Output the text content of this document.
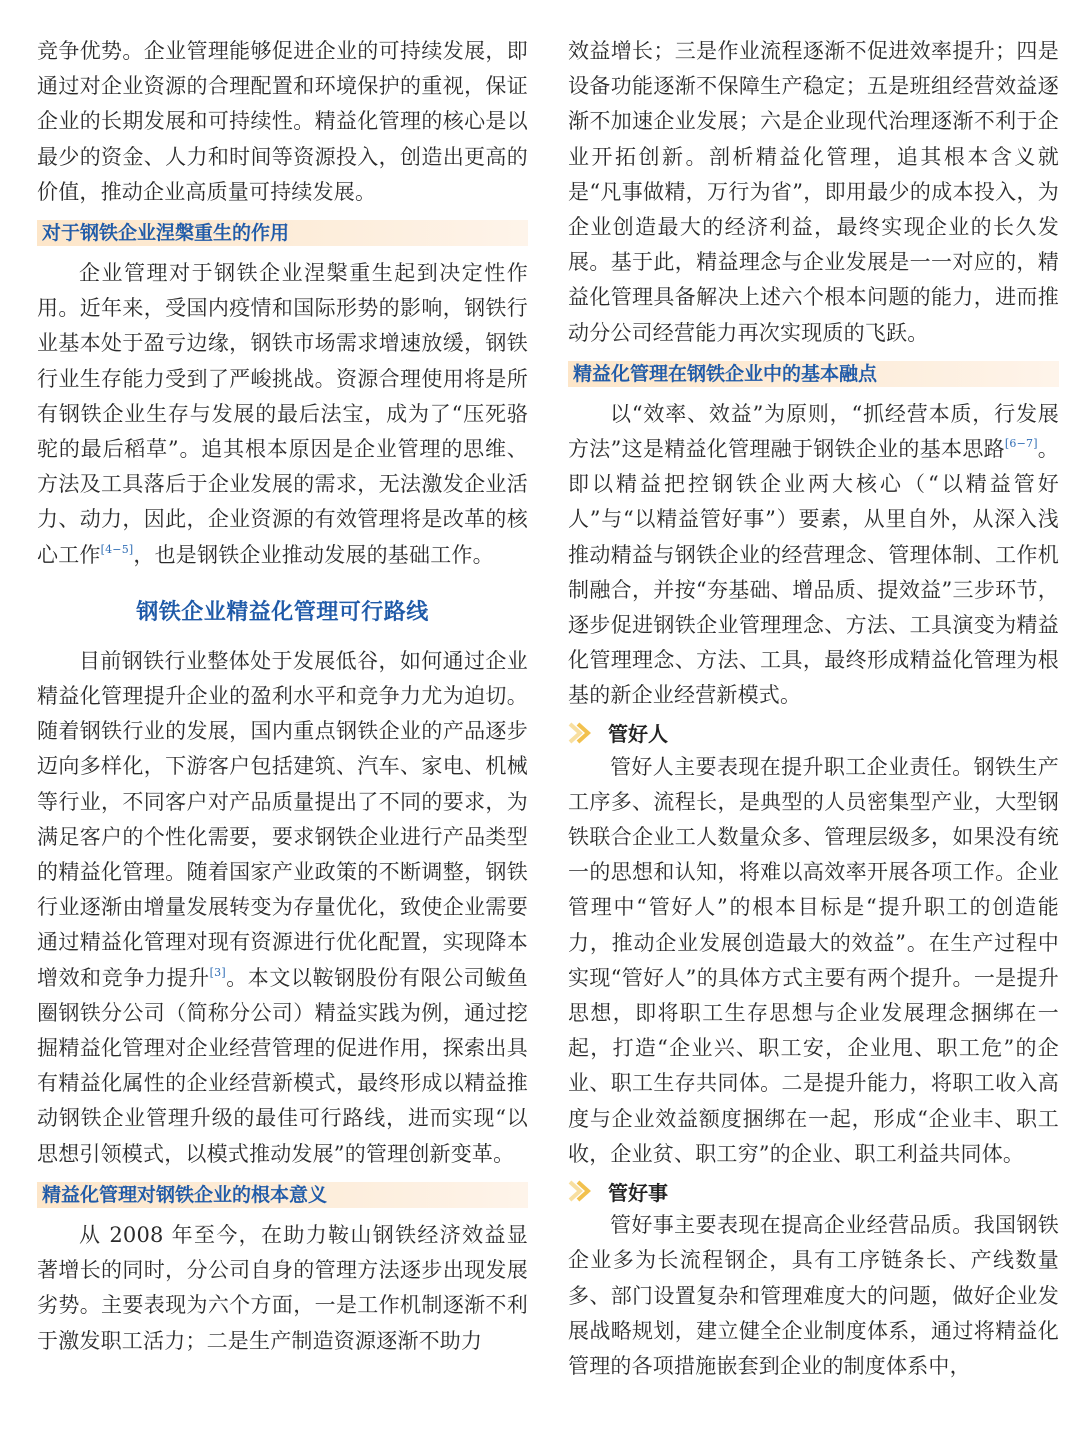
竞争优势。企业管理能够促进企业的可持续发展，即通过对企业资源的合理配置和环境保护的重视，保证企业的长期发展和可持续性。精益化管理的核心是以最少的资金、人力和时间等资源投入，创造出更高的价值，推动企业高质量可持续发展。

对于钢铁企业涅槃重生的作用

企业管理对于钢铁企业涅槃重生起到决定性作用。近年来，受国内疫情和国际形势的影响，钢铁行业基本处于盈亏边缘，钢铁市场需求增速放缓，钢铁行业生存能力受到了严峻挑战。资源合理使用将是所有钢铁企业生存与发展的最后法宝，成为了“压死骆驼的最后稻草”。追其根本原因是企业管理的思维、方法及工具落后于企业发展的需求，无法激发企业活力、动力，因此，企业资源的有效管理将是改革的核心工作[4−5]，也是钢铁企业推动发展的基础工作。

钢铁企业精益化管理可行路线

目前钢铁行业整体处于发展低谷，如何通过企业精益化管理提升企业的盈利水平和竞争力尤为迫切。随着钢铁行业的发展，国内重点钢铁企业的产品逐步迈向多样化，下游客户包括建筑、汽车、家电、机械等行业，不同客户对产品质量提出了不同的要求，为满足客户的个性化需要，要求钢铁企业进行产品类型的精益化管理。随着国家产业政策的不断调整，钢铁行业逐渐由增量发展转变为存量优化，致使企业需要通过精益化管理对现有资源进行优化配置，实现降本增效和竞争力提升[3]。本文以鞍钢股份有限公司鲅鱼圈钢铁分公司（简称分公司）精益实践为例，通过挖掘精益化管理对企业经营管理的促进作用，探索出具有精益化属性的企业经营新模式，最终形成以精益推动钢铁企业管理升级的最佳可行路线，进而实现“以思想引领模式，以模式推动发展”的管理创新变革。

精益化管理对钢铁企业的根本意义

从 2008 年至今，在助力鞍山钢铁经济效益显著增长的同时，分公司自身的管理方法逐步出现发展劣势。主要表现为六个方面，一是工作机制逐渐不利于激发职工活力；二是生产制造资源逐渐不助力

效益增长；三是作业流程逐渐不促进效率提升；四是设备功能逐渐不保障生产稳定；五是班组经营效益逐渐不加速企业发展；六是企业现代治理逐渐不利于企业开拓创新。剖析精益化管理，追其根本含义就是“凡事做精，万行为省”，即用最少的成本投入，为企业创造最大的经济利益，最终实现企业的长久发展。基于此，精益理念与企业发展是一一对应的，精益化管理具备解决上述六个根本问题的能力，进而推动分公司经营能力再次实现质的飞跃。

精益化管理在钢铁企业中的基本融点

以“效率、效益”为原则，“抓经营本质，行发展方法”这是精益化管理融于钢铁企业的基本思路[6−7]。即以精益把控钢铁企业两大核心（“以精益管好人”与“以精益管好事”）要素，从里自外，从深入浅推动精益与钢铁企业的经营理念、管理体制、工作机制融合，并按“夯基础、增品质、提效益”三步环节，逐步促进钢铁企业管理理念、方法、工具演变为精益化管理理念、方法、工具，最终形成精益化管理为根基的新企业经营新模式。

管好人

管好人主要表现在提升职工企业责任。钢铁生产工序多、流程长，是典型的人员密集型产业，大型钢铁联合企业工人数量众多、管理层级多，如果没有统一的思想和认知，将难以高效率开展各项工作。企业管理中“管好人”的根本目标是“提升职工的创造能力，推动企业发展创造最大的效益”。在生产过程中实现“管好人”的具体方式主要有两个提升。一是提升思想，即将职工生存思想与企业发展理念捆绑在一起，打造“企业兴、职工安，企业甩、职工危”的企业、职工生存共同体。二是提升能力，将职工收入高度与企业效益额度捆绑在一起，形成“企业丰、职工收，企业贫、职工穷”的企业、职工利益共同体。

管好事

管好事主要表现在提高企业经营品质。我国钢铁企业多为长流程钢企，具有工序链条长、产线数量多、部门设置复杂和管理难度大的问题，做好企业发展战略规划，建立健全企业制度体系，通过将精益化管理的各项措施嵌套到企业的制度体系中，
